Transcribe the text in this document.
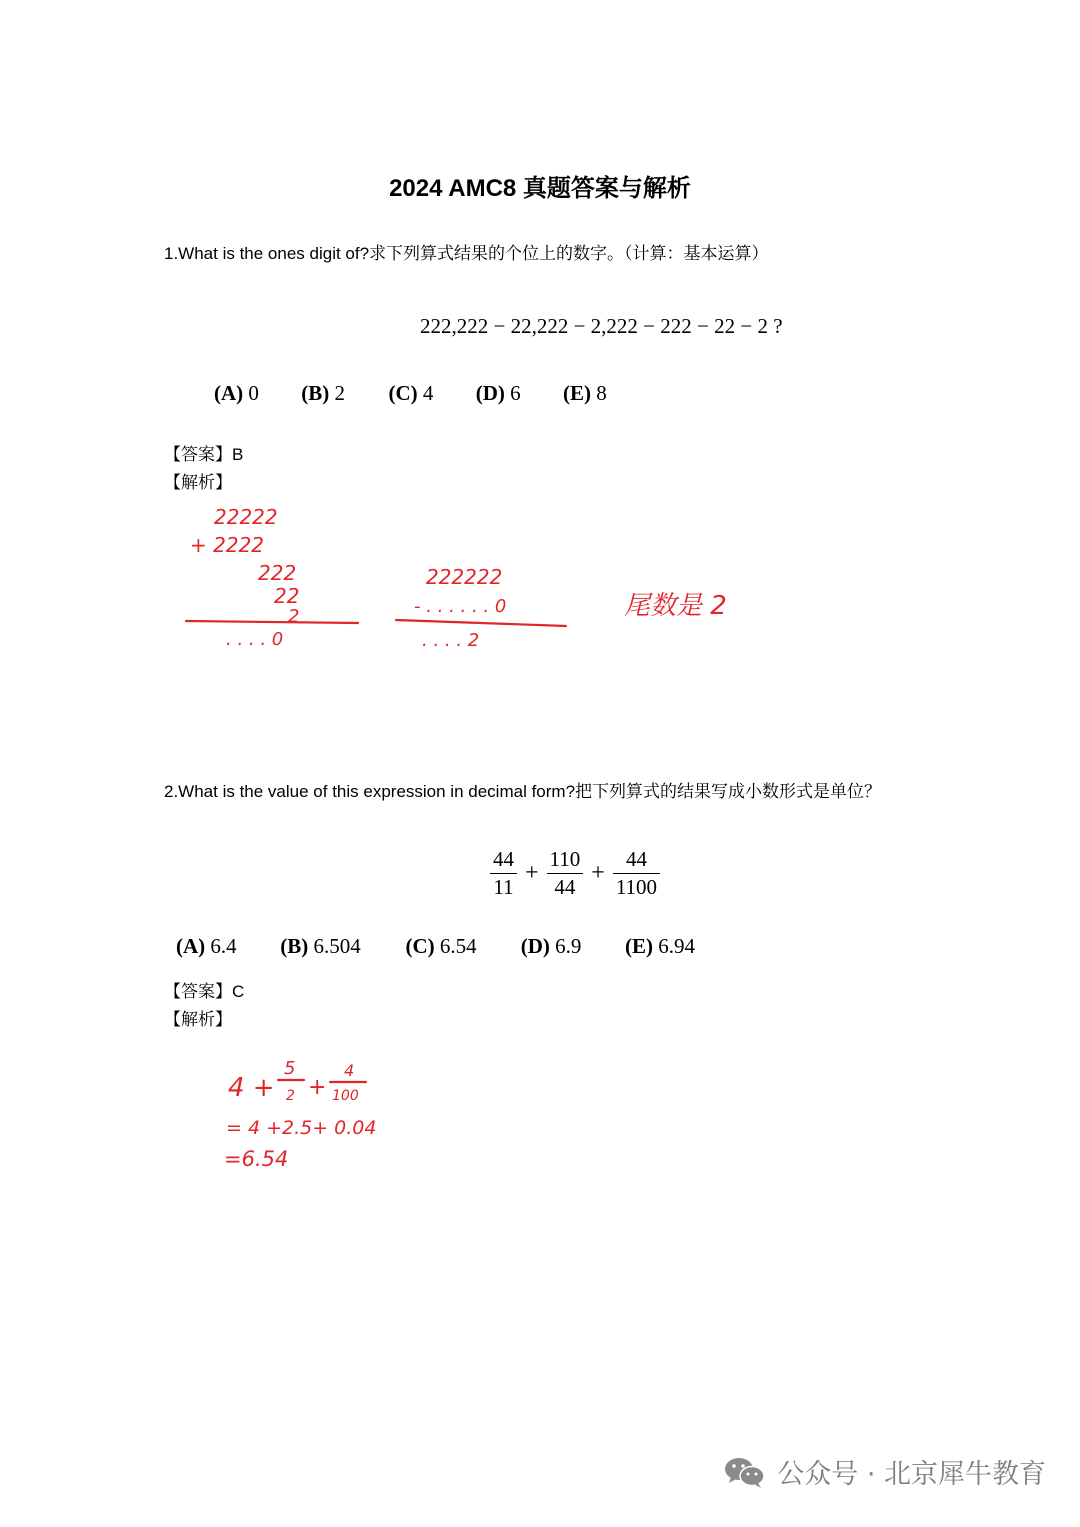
2024 AMC8 真题答案与解析
1.What is the ones digit of?求下列算式结果的个位上的数字。（计算：基本运算）
222,222 − 22,222 − 2,222 − 222 − 22 − 2 ?
(A) 0 (B) 2 (C) 4 (D) 6 (E) 8
【答案】B
【解析】
22222
+ 2222
222
22
2
. . . . 0
222222
- . . . . . . 0
. . . . 2
尾数是 2
2.What is the value of this expression in decimal form?把下列算式的结果写成小数形式是单位？
$\frac{44}{11} + \frac{110}{44} + \frac{44}{1100}$
(A) 6.4 (B) 6.504 (C) 6.54 (D) 6.9 (E) 6.94
【答案】C
【解析】
4 +
5
2 +
4
100
= 4 +2.5+ 0.04
=6.54
公众号 · 北京犀牛教育
